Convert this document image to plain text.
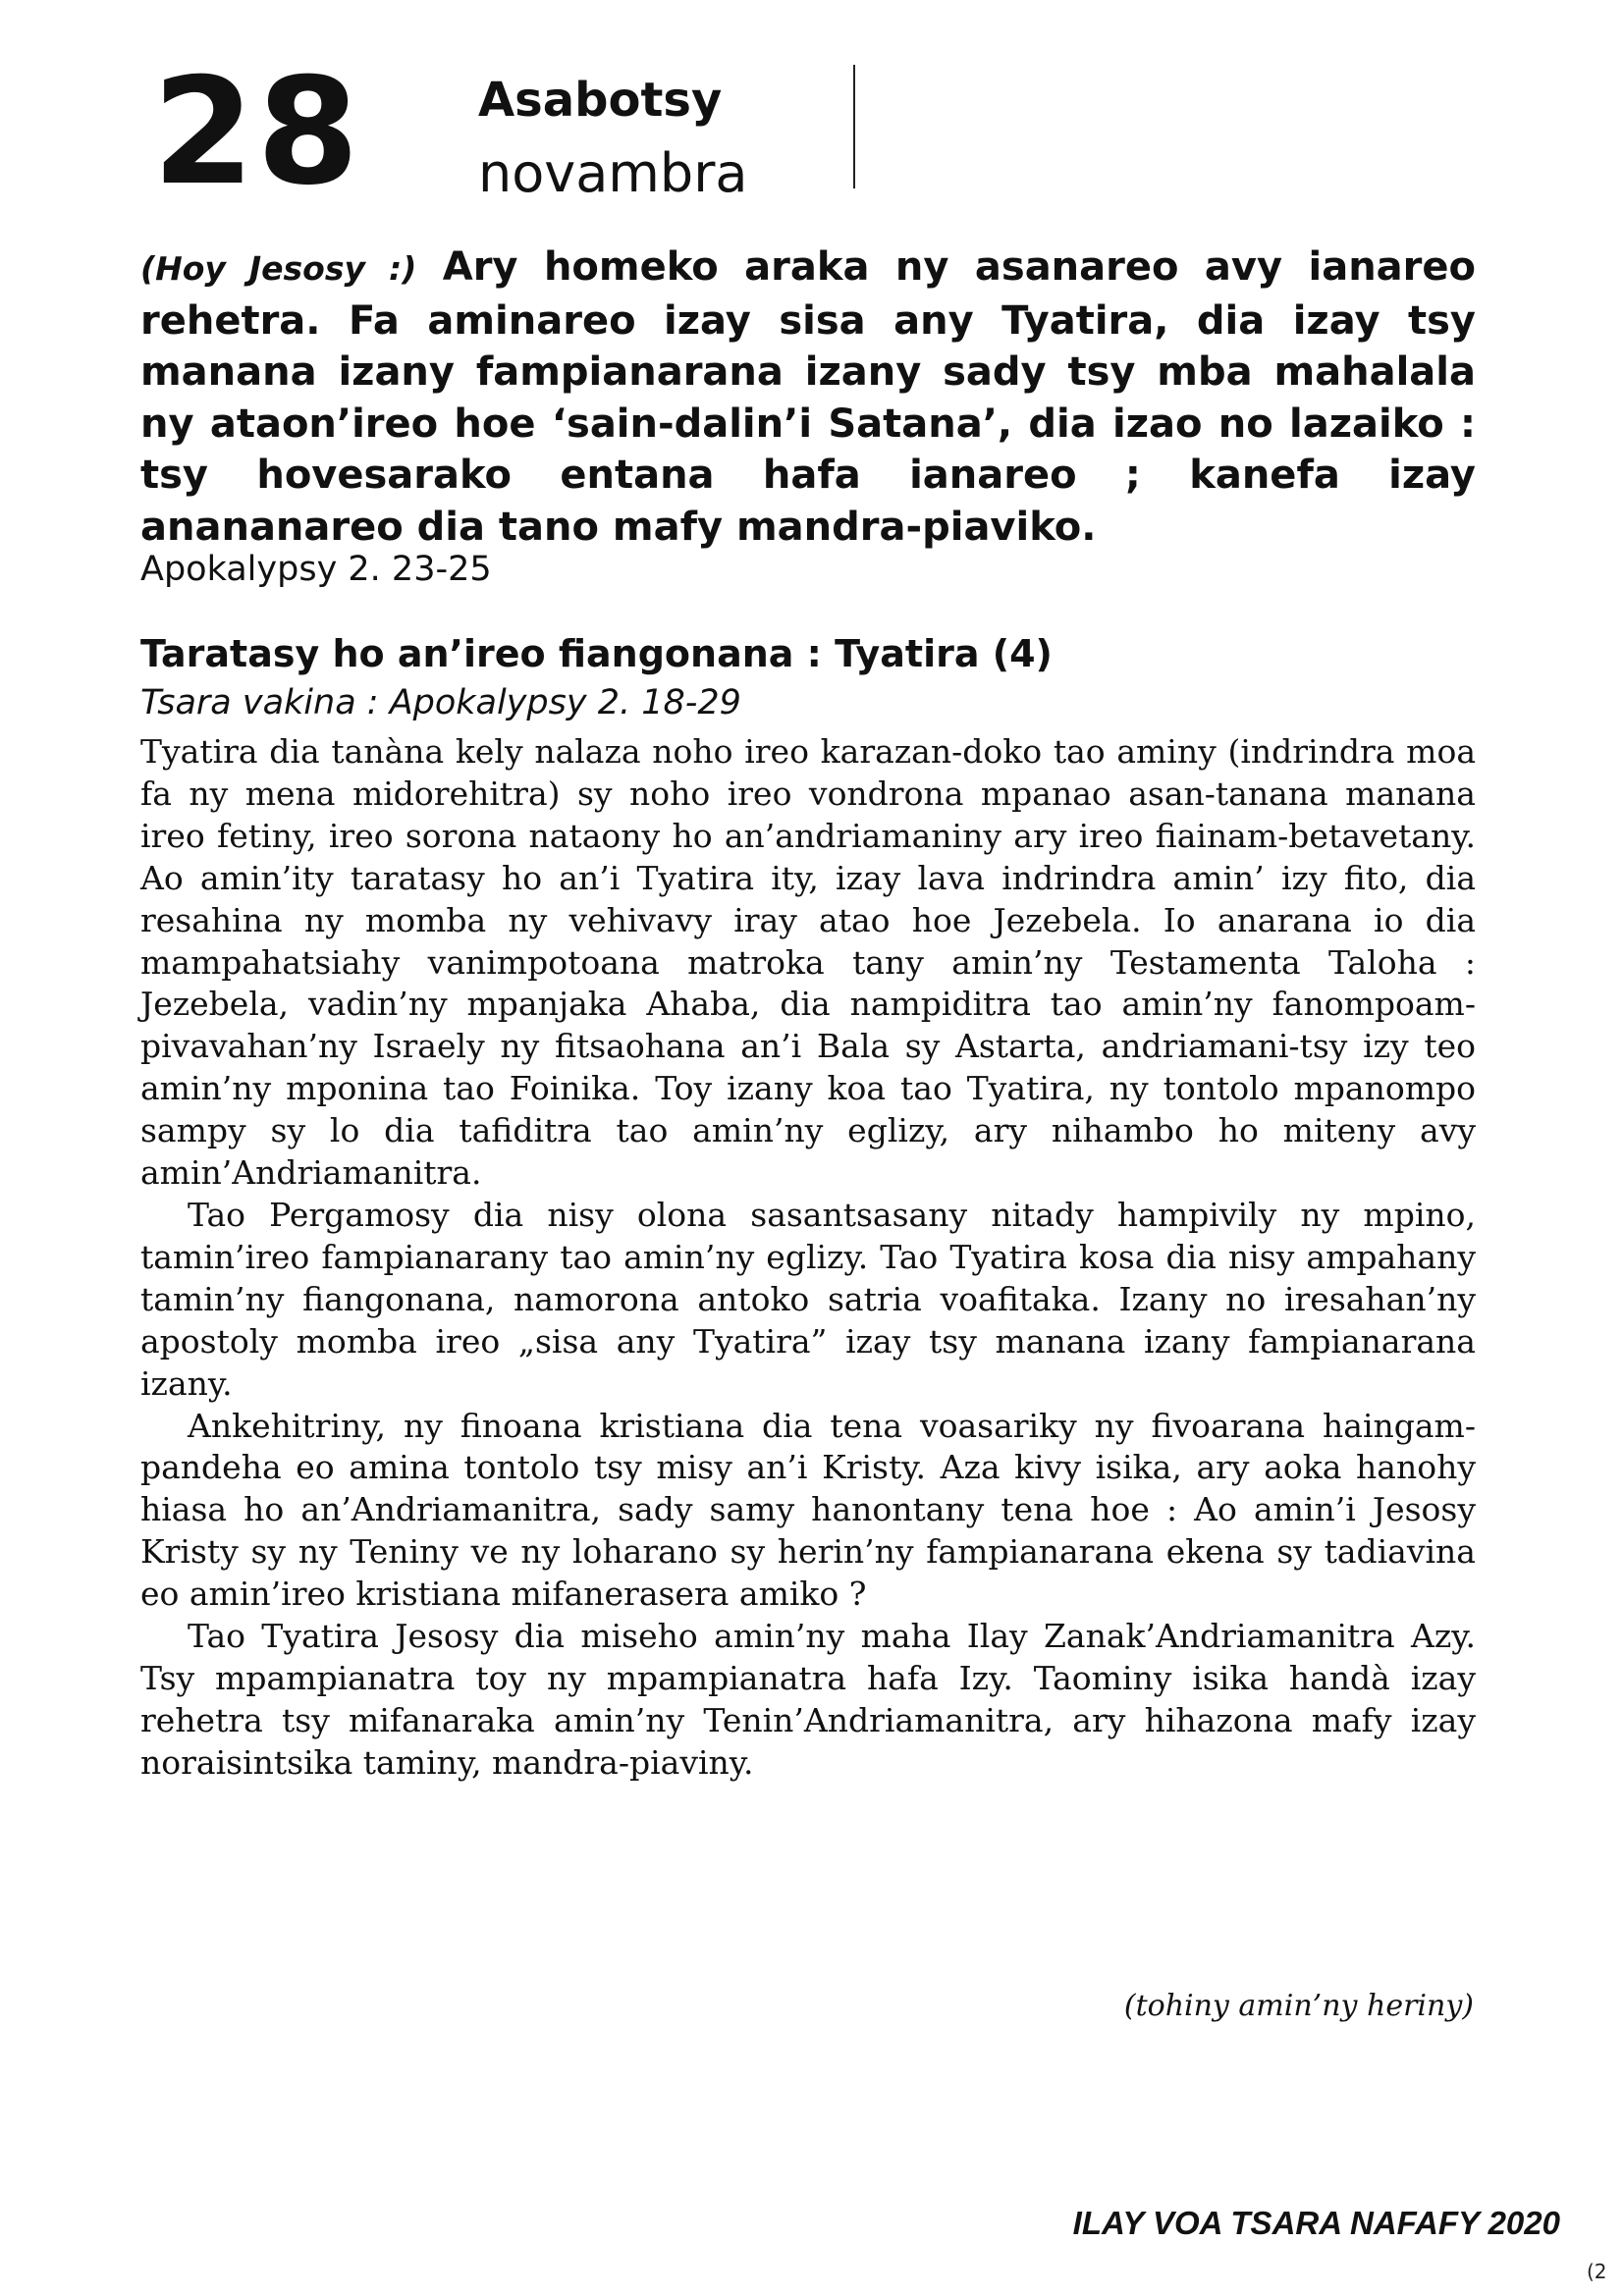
28 Asabotsy
novambra
(Hoy Jesosy :) Ary homeko araka ny asanareo avy ianareo rehetra. Fa aminareo izay sisa any Tyatira, dia izay tsy manana izany fampianarana izany sady tsy mba mahalala ny ataon’ireo hoe ‘sain-dalin’i Satana’, dia izao no lazaiko : tsy hovesarako entana hafa ianareo ; kanefa izay anananareo dia tano mafy mandra-piaviko.
Apokalypsy 2. 23-25
Taratasy ho an’ireo fiangonana : Tyatira (4)
Tsara vakina : Apokalypsy 2. 18-29

Tyatira dia tanàna kely nalaza noho ireo karazan-doko tao aminy (indrindra moa fa ny mena midorehitra) sy noho ireo vondrona mpanao asan-tanana manana ireo fetiny, ireo sorona nataony ho an’andriamaniny ary ireo fiainam-betavetany. Ao amin’ity taratasy ho an’i Tyatira ity, izay lava indrindra amin’ izy fito, dia resahina ny momba ny vehivavy iray atao hoe Jezebela. Io anarana io dia mampahatsiahy vanimpotoana matroka tany amin’ny Testamenta Taloha : Jezebela, vadin’ny mpanjaka Ahaba, dia nampiditra tao amin’ny fanompoam-pivavahan’ny Israely ny fitsaohana an’i Bala sy Astarta, andriamani-tsy izy teo amin’ny mponina tao Foinika. Toy izany koa tao Tyatira, ny tontolo mpanompo sampy sy lo dia tafiditra tao amin’ny eglizy, ary nihambo ho miteny avy amin’Andriamanitra.

Tao Pergamosy dia nisy olona sasantsasany nitady hampivily ny mpino, tamin’ireo fampianarany tao amin’ny eglizy. Tao Tyatira kosa dia nisy ampahany tamin’ny fiangonana, namorona antoko satria voafitaka. Izany no iresahan’ny apostoly momba ireo „sisa any Tyatira” izay tsy manana izany fampianarana izany.

Ankehitriny, ny finoana kristiana dia tena voasariky ny fivoarana haingam-pandeha eo amina tontolo tsy misy an’i Kristy. Aza kivy isika, ary aoka hanohy hiasa ho an’Andriamanitra, sady samy hanontany tena hoe : Ao amin’i Jesosy Kristy sy ny Teniny ve ny loharano sy herin’ny fampianarana ekena sy tadiavina eo amin’ireo kristiana mifanerasera amiko ?

Tao Tyatira Jesosy dia miseho amin’ny maha Ilay Zanak’Andriamanitra Azy. Tsy mpampianatra toy ny mpampianatra hafa Izy. Taominy isika handà izay rehetra tsy mifanaraka amin’ny Tenin’Andriamanitra, ary hihazona mafy izay noraisintsika taminy, mandra-piaviny.

(tohiny amin’ny heriny)
ILAY VOA TSARA NAFAFY 2020
(2
